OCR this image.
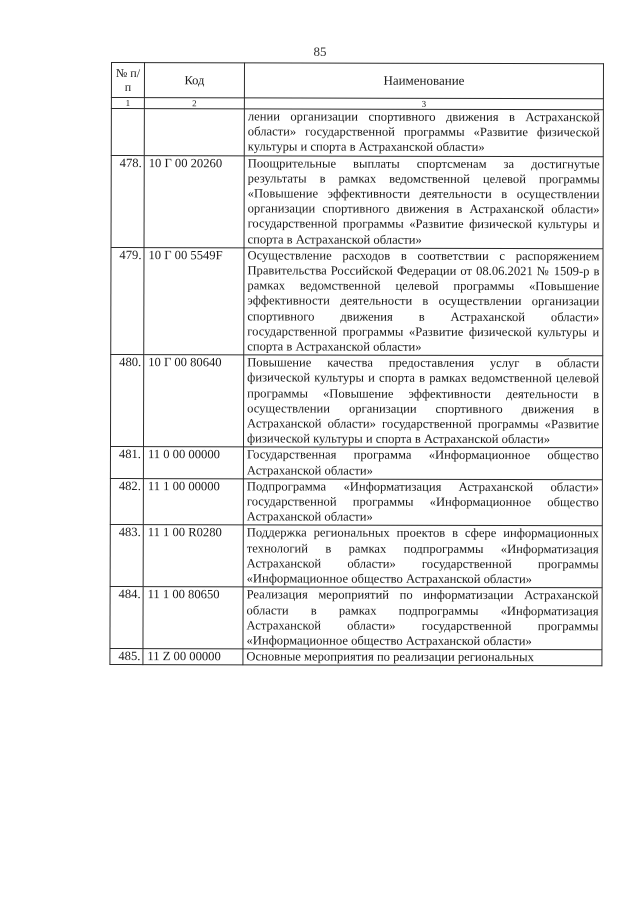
85
№ п/п	Код	Наименование
1	2	3
		лении организации спортивного движения в Астраханской области» государственной программы «Развитие физической культуры и спорта в Астраханской области»
478.	10 Г 00 20260	Поощрительные выплаты спортсменам за достигнутые результаты в рамках ведомственной целевой программы «Повышение эффективности деятельности в осуществлении организации спортивного движения в Астраханской области» государственной программы «Развитие физической культуры и спорта в Астраханской области»
479.	10 Г 00 5549F	Осуществление расходов в соответствии с распоряжением Правительства Российской Федерации от 08.06.2021 № 1509-р в рамках ведомственной целевой программы «Повышение эффективности деятельности в осуществлении организации спортивного движения в Астраханской области» государственной программы «Развитие физической культуры и спорта в Астраханской области»
480.	10 Г 00 80640	Повышение качества предоставления услуг в области физической культуры и спорта в рамках ведомственной целевой программы «Повышение эффективности деятельности в осуществлении организации спортивного движения в Астраханской области» государственной программы «Развитие физической культуры и спорта в Астраханской области»
481.	11 0 00 00000	Государственная программа «Информационное общество Астраханской области»
482.	11 1 00 00000	Подпрограмма «Информатизация Астраханской области» государственной программы «Информационное общество Астраханской области»
483.	11 1 00 R0280	Поддержка региональных проектов в сфере информационных технологий в рамках подпрограммы «Информатизация Астраханской области» государственной программы «Информационное общество Астраханской области»
484.	11 1 00 80650	Реализация мероприятий по информатизации Астраханской области в рамках подпрограммы «Информатизация Астраханской области» государственной программы «Информационное общество Астраханской области»
485.	11 Z 00 00000	Основные мероприятия по реализации региональных
